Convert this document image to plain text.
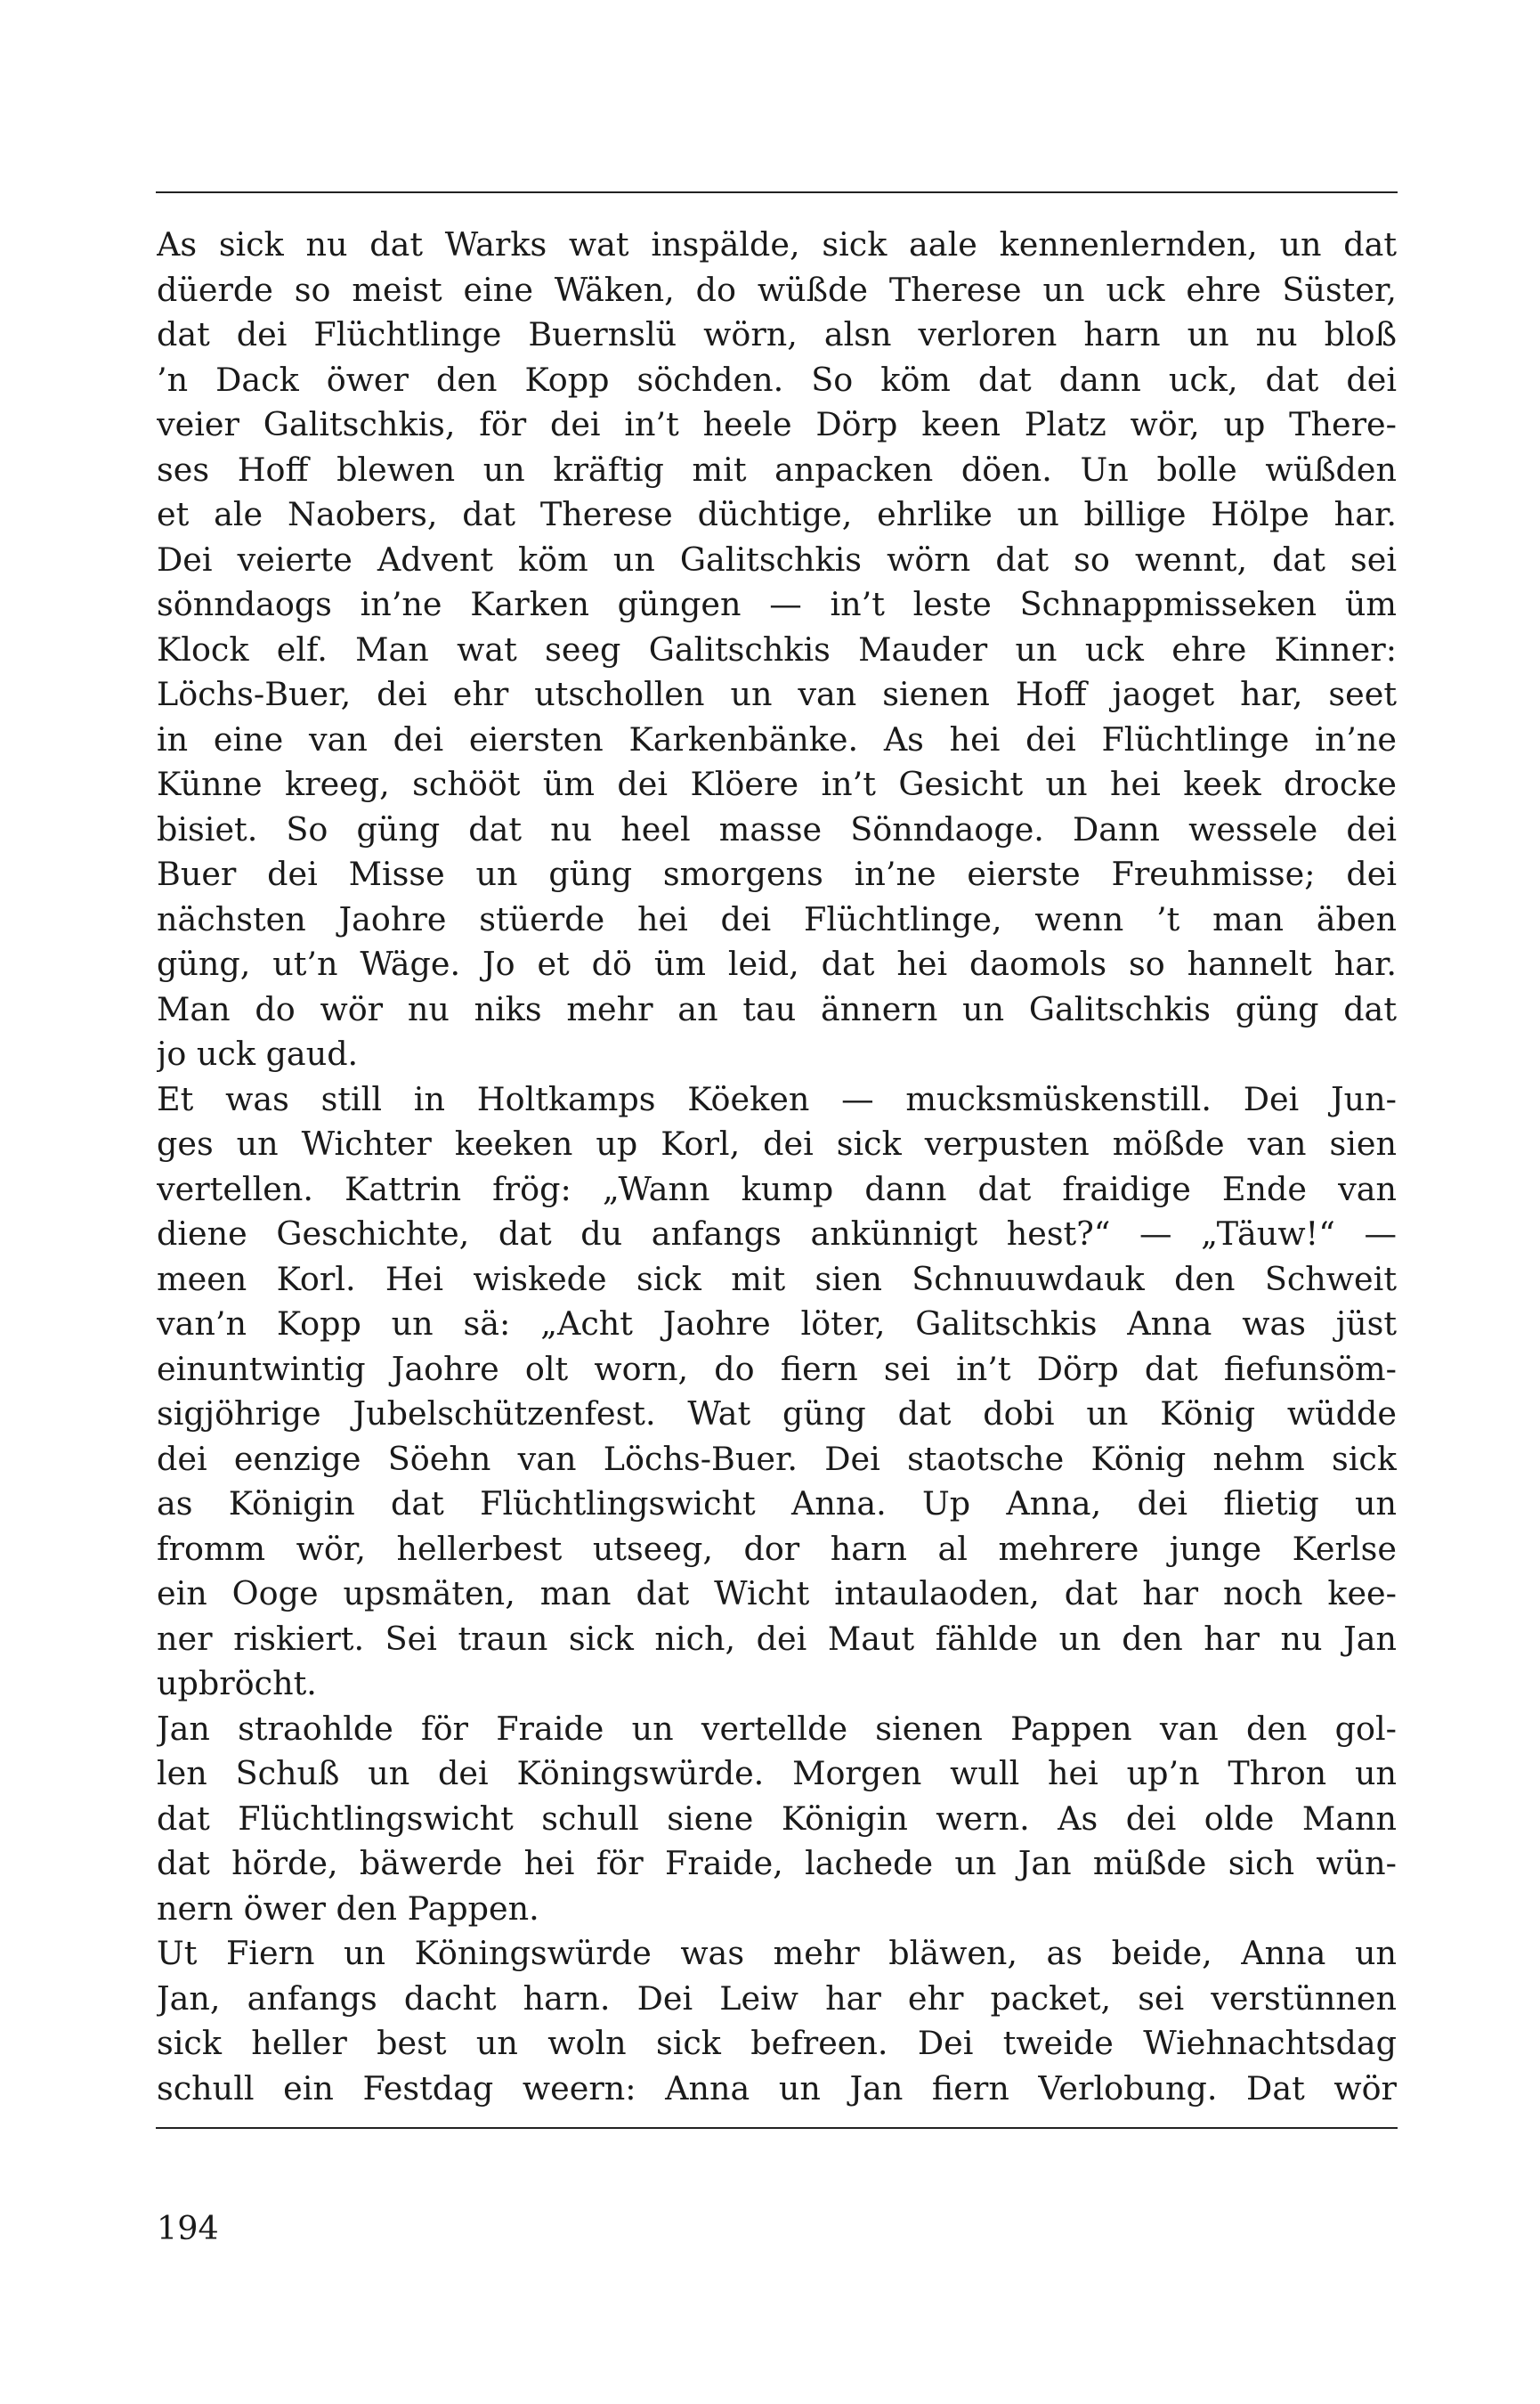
As sick nu dat Warks wat inspälde, sick aale kennenlernden, un dat
düerde so meist eine Wäken, do wüßde Therese un uck ehre Süster,
dat dei Flüchtlinge Buernslü wörn, alsn verloren harn un nu bloß
’n Dack öwer den Kopp söchden. So köm dat dann uck, dat dei
veier Galitschkis, för dei in’t heele Dörp keen Platz wör, up There-
ses Hoff blewen un kräftig mit anpacken döen. Un bolle wüßden
et ale Naobers, dat Therese düchtige, ehrlike un billige Hölpe har.
Dei veierte Advent köm un Galitschkis wörn dat so wennt, dat sei
sönndaogs in’ne Karken güngen — in’t leste Schnappmisseken üm
Klock elf. Man wat seeg Galitschkis Mauder un uck ehre Kinner:
Löchs-Buer, dei ehr utschollen un van sienen Hoff jaoget har, seet
in eine van dei eiersten Karkenbänke. As hei dei Flüchtlinge in’ne
Künne kreeg, schööt üm dei Klöere in’t Gesicht un hei keek drocke
bisiet. So güng dat nu heel masse Sönndaoge. Dann wessele dei
Buer dei Misse un güng smorgens in’ne eierste Freuhmisse; dei
nächsten Jaohre stüerde hei dei Flüchtlinge, wenn ’t man äben
güng, ut’n Wäge. Jo et dö üm leid, dat hei daomols so hannelt har.
Man do wör nu niks mehr an tau ännern un Galitschkis güng dat
jo uck gaud.
Et was still in Holtkamps Köeken — mucksmüskenstill. Dei Jun-
ges un Wichter keeken up Korl, dei sick verpusten mößde van sien
vertellen. Kattrin frög: „Wann kump dann dat fraidige Ende van
diene Geschichte, dat du anfangs ankünnigt hest?“ — „Täuw!“ —
meen Korl. Hei wiskede sick mit sien Schnuuwdauk den Schweit
van’n Kopp un sä: „Acht Jaohre löter, Galitschkis Anna was jüst
einuntwintig Jaohre olt worn, do fiern sei in’t Dörp dat fiefunsöm-
sigjöhrige Jubelschützenfest. Wat güng dat dobi un König wüdde
dei eenzige Söehn van Löchs-Buer. Dei staotsche König nehm sick
as Königin dat Flüchtlingswicht Anna. Up Anna, dei flietig un
fromm wör, hellerbest utseeg, dor harn al mehrere junge Kerlse
ein Ooge upsmäten, man dat Wicht intaulaoden, dat har noch kee-
ner riskiert. Sei traun sick nich, dei Maut fählde un den har nu Jan
upbröcht.
Jan straohlde för Fraide un vertellde sienen Pappen van den gol-
len Schuß un dei Köningswürde. Morgen wull hei up’n Thron un
dat Flüchtlingswicht schull siene Königin wern. As dei olde Mann
dat hörde, bäwerde hei för Fraide, lachede un Jan müßde sich wün-
nern öwer den Pappen.
Ut Fiern un Köningswürde was mehr bläwen, as beide, Anna un
Jan, anfangs dacht harn. Dei Leiw har ehr packet, sei verstünnen
sick heller best un woln sick befreen. Dei tweide Wiehnachtsdag
schull ein Festdag weern: Anna un Jan fiern Verlobung. Dat wör
194
